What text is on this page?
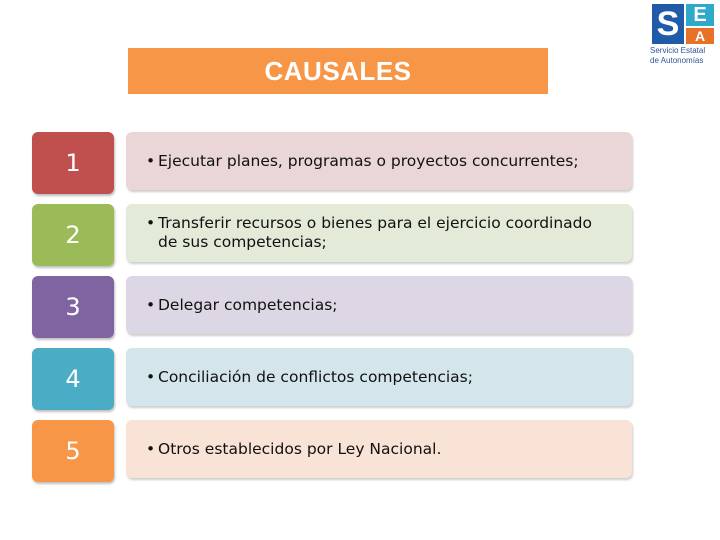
S E
A
Servicio Estatal
de Autonomías
CAUSALES
1	• Ejecutar planes, programas o proyectos concurrentes;
2	• Transferir recursos o bienes para el ejercicio coordinado de sus competencias;
3	• Delegar competencias;
4	• Conciliación de conflictos competencias;
5	• Otros establecidos por Ley Nacional.
